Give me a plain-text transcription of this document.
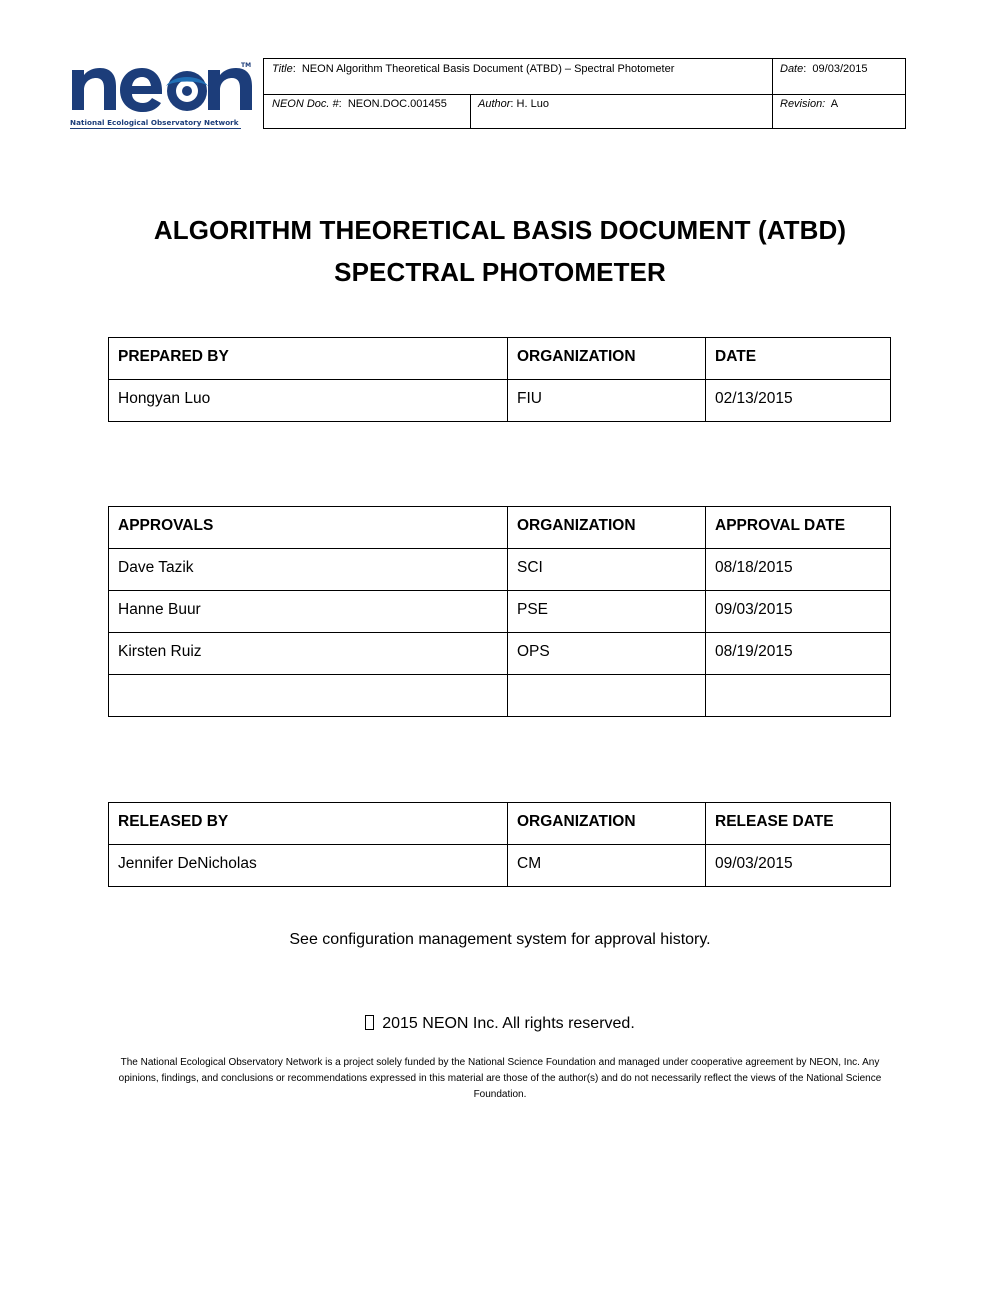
TM
National Ecological Observatory Network
Title:  NEON Algorithm Theoretical Basis Document (ATBD) – Spectral Photometer	Date:  09/03/2015
NEON Doc. #:  NEON.DOC.001455	Author: H. Luo	Revision: A
ALGORITHM THEORETICAL BASIS DOCUMENT (ATBD)
SPECTRAL PHOTOMETER
PREPARED BY	ORGANIZATION	DATE
Hongyan Luo	FIU	02/13/2015
APPROVALS	ORGANIZATION	APPROVAL DATE
Dave Tazik	SCI	08/18/2015
Hanne Buur	PSE	09/03/2015
Kirsten Ruiz	OPS	08/19/2015

RELEASED BY	ORGANIZATION	RELEASE DATE
Jennifer DeNicholas	CM	09/03/2015
See configuration management system for approval history.
2015 NEON Inc. All rights reserved.
The National Ecological Observatory Network is a project solely funded by the National Science Foundation and managed under cooperative agreement by NEON, Inc. Any opinions, findings, and conclusions or recommendations expressed in this material are those of the author(s) and do not necessarily reflect the views of the National Science Foundation.
